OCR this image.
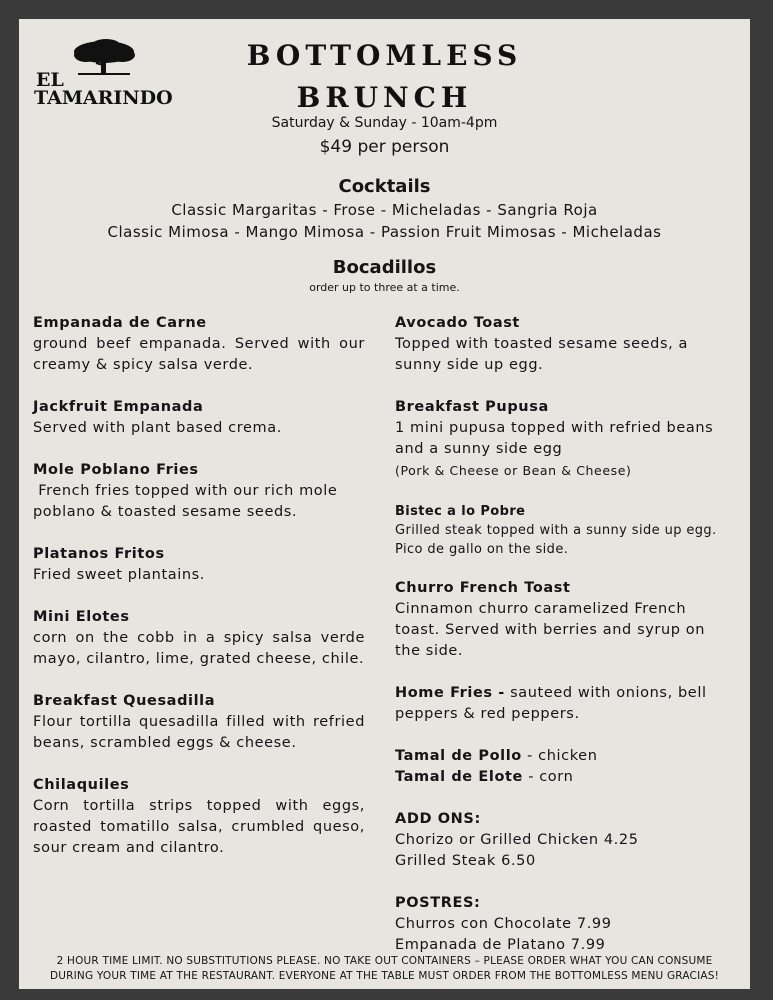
EL
TAMARINDO
BOTTOMLESS
BRUNCH
Saturday & Sunday - 10am-4pm
$49 per person
Cocktails
Classic Margaritas - Frose - Micheladas - Sangria Roja
Classic Mimosa - Mango Mimosa - Passion Fruit Mimosas - Micheladas
Bocadillos
order up to three at a time.
Empanada de Carne
ground beef empanada. Served with our creamy & spicy salsa verde.
Jackfruit Empanada
Served with plant based crema.
Mole Poblano Fries
French fries topped with our rich mole poblano & toasted sesame seeds.
Platanos Fritos
Fried sweet plantains.
Mini Elotes
corn on the cobb in a spicy salsa verde mayo, cilantro, lime, grated cheese, chile.
Breakfast Quesadilla
Flour tortilla quesadilla filled with refried beans, scrambled eggs & cheese.
Chilaquiles
Corn tortilla strips topped with eggs, roasted tomatillo salsa, crumbled queso, sour cream and cilantro.
Avocado Toast
Topped with toasted sesame seeds, a sunny side up egg.
Breakfast Pupusa
1 mini pupusa topped with refried beans and a sunny side egg
(Pork & Cheese or Bean & Cheese)
Bistec a lo Pobre
Grilled steak topped with a sunny side up egg. Pico de gallo on the side.
Churro French Toast
Cinnamon churro caramelized French toast. Served with berries and syrup on the side.
Home Fries - sauteed with onions, bell peppers & red peppers.
Tamal de Pollo - chicken
Tamal de Elote - corn
ADD ONS:
Chorizo or Grilled Chicken 4.25
Grilled Steak 6.50
POSTRES:
Churros con Chocolate 7.99
Empanada de Platano 7.99
2 HOUR TIME LIMIT. NO SUBSTITUTIONS PLEASE. NO TAKE OUT CONTAINERS – PLEASE ORDER WHAT YOU CAN CONSUME
DURING YOUR TIME AT THE RESTAURANT. EVERYONE AT THE TABLE MUST ORDER FROM THE BOTTOMLESS MENU GRACIAS!
